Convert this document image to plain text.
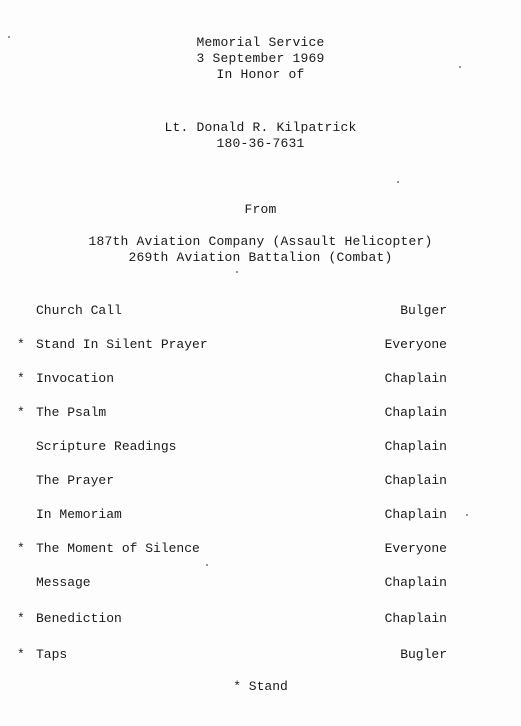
Memorial Service
3 September 1969
In Honor of
Lt. Donald R. Kilpatrick
180-36-7631
From
187th Aviation Company (Assault Helicopter)
269th Aviation Battalion (Combat)
Church Call	Bulger
* Stand In Silent Prayer	Everyone
* Invocation	Chaplain
* The Psalm	Chaplain
Scripture Readings	Chaplain
The Prayer	Chaplain
In Memoriam	Chaplain
* The Moment of Silence	Everyone
Message	Chaplain
* Benediction	Chaplain
* Taps	Bugler
* Stand
